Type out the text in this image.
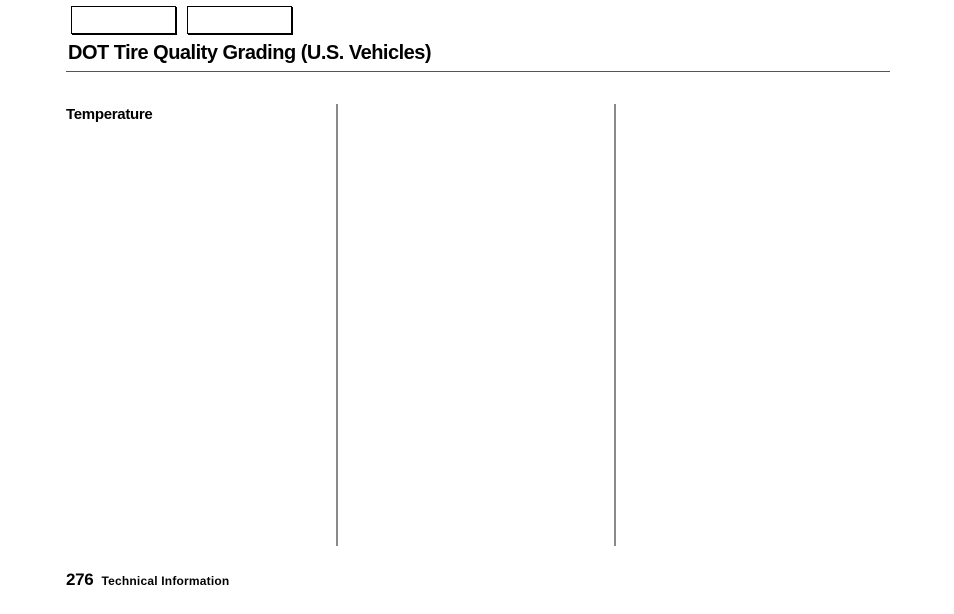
DOT Tire Quality Grading (U.S. Vehicles)
Temperature
276 Technical Information
